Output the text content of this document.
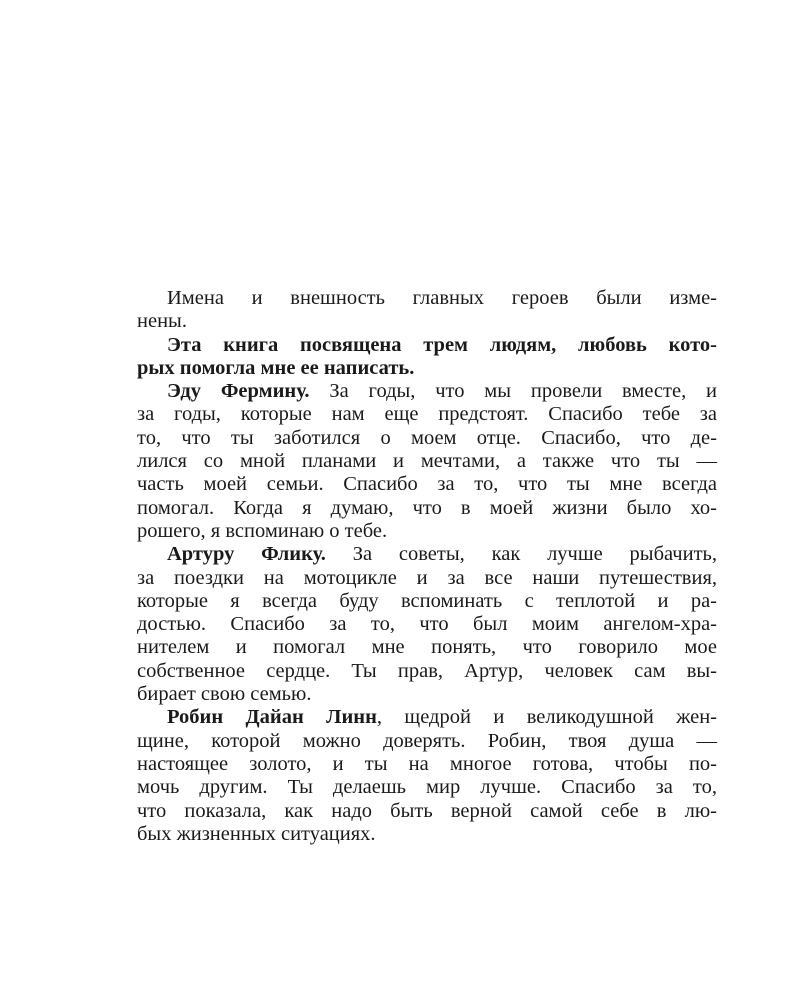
Имена и внешность главных героев были изме-

нены.

Эта книга посвящена трем людям, любовь кото-

рых помогла мне ее написать.

Эду Фермину. За годы, что мы провели вместе, и

за годы, которые нам еще предстоят. Спасибо тебе за

то, что ты заботился о моем отце. Спасибо, что де-

лился со мной планами и мечтами, а также что ты —

часть моей семьи. Спасибо за то, что ты мне всегда

помогал. Когда я думаю, что в моей жизни было хо-

рошего, я вспоминаю о тебе.

Артуру Флику. За советы, как лучше рыбачить,

за поездки на мотоцикле и за все наши путешествия,

которые я всегда буду вспоминать с теплотой и ра-

достью. Спасибо за то, что был моим ангелом-хра-

нителем и помогал мне понять, что говорило мое

собственное сердце. Ты прав, Артур, человек сам вы-

бирает свою семью.

Робин Дайан Линн, щедрой и великодушной жен-

щине, которой можно доверять. Робин, твоя душа —

настоящее золото, и ты на многое готова, чтобы по-

мочь другим. Ты делаешь мир лучше. Спасибо за то,

что показала, как надо быть верной самой себе в лю-

бых жизненных ситуациях.
